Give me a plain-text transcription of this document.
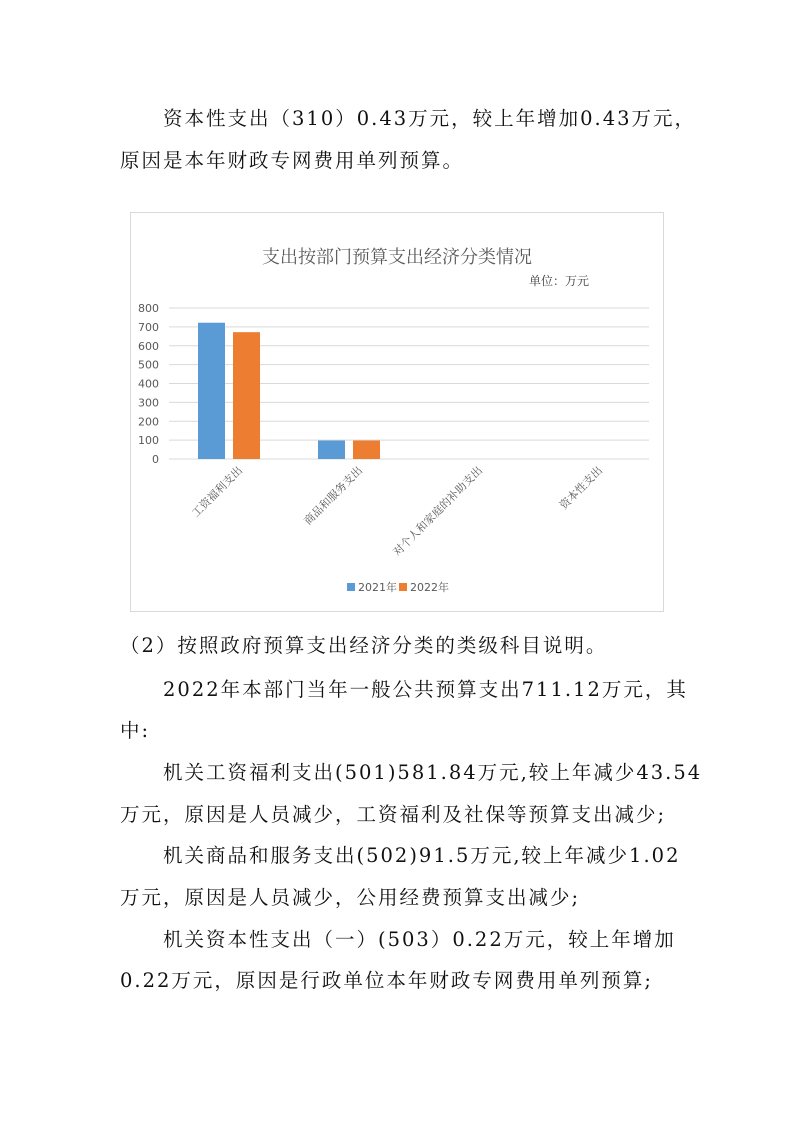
资本性支出（310）0.43万元，较上年增加0.43万元，
原因是本年财政专网费用单列预算。
支出按部门预算支出经济分类情况
单位：万元
0
100
200
300
400
500
600
700
800
工资福利支出	商品和服务支出 对个人和家庭的补助支出	资本性支出
2021年 2022年
（2）按照政府预算支出经济分类的类级科目说明。
2022年本部门当年一般公共预算支出711.12万元，其
中:
机关工资福利支出(501)581.84万元,较上年减少43.54
万元，原因是人员减少，工资福利及社保等预算支出减少;
机关商品和服务支出(502)91.5万元,较上年减少1.02
万元，原因是人员减少，公用经费预算支出减少;
机关资本性支出（一）(503）0.22万元，较上年增加
0.22万元，原因是行政单位本年财政专网费用单列预算;
